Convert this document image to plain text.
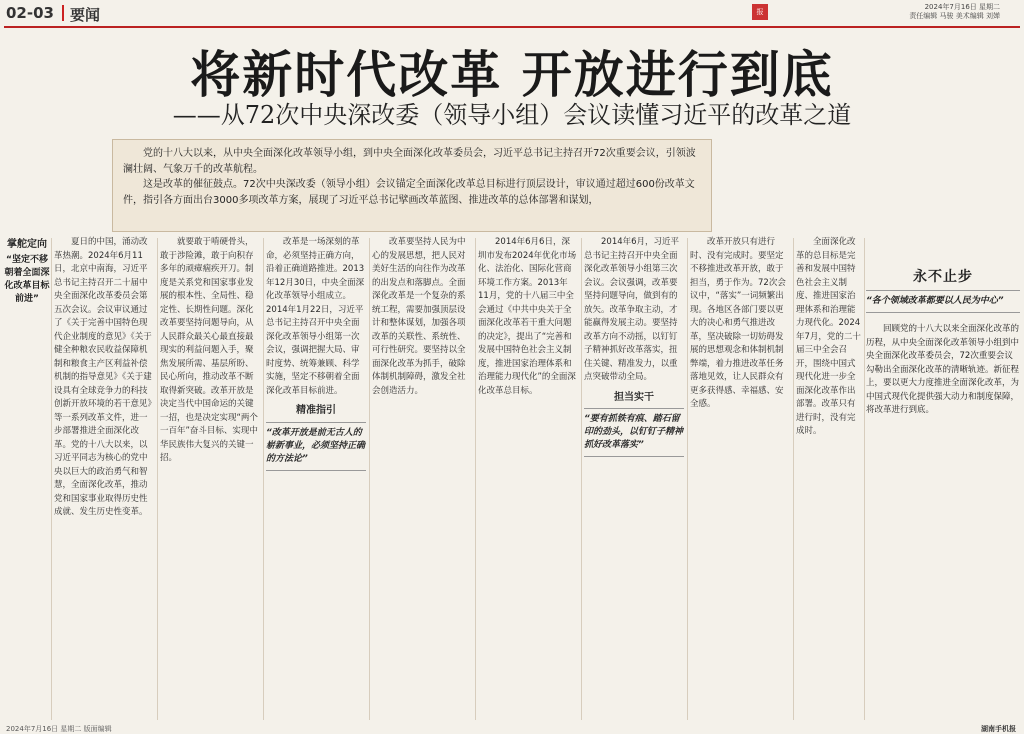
02-03 要闻	报
2024年7月16日 星期二
责任编辑 马骏 美术编辑 刘婵
将新时代改革 开放进行到底
——从72次中央深改委（领导小组）会议读懂习近平的改革之道

党的十八大以来，从中央全面深化改革领导小组，到中央全面深化改革委员会，习近平总书记主持召开72次重要会议，引领波澜壮阔、气象万千的改革航程。

这是改革的催征鼓点。72次中央深改委（领导小组）会议锚定全面深化改革总目标进行顶层设计，审议通过超过600份改革文件，指引各方面出台3000多项改革方案，展现了习近平总书记擘画改革蓝图、推进改革的总体部署和谋划，

掌舵定向
“坚定不移朝着全面深化改革目标前进”

夏日的中国，涌动改革热潮。2024年6月11日，北京中南海，习近平总书记主持召开二十届中央全面深化改革委员会第五次会议。会议审议通过了《关于完善中国特色现代企业制度的意见》《关于健全种粮农民收益保障机制和粮食主产区利益补偿机制的指导意见》《关于建设具有全球竞争力的科技创新开放环境的若干意见》等一系列改革文件，进一步部署推进全面深化改革。党的十八大以来，以习近平同志为核心的党中央以巨大的政治勇气和智慧，全面深化改革，推动党和国家事业取得历史性成就、发生历史性变革。

就要敢于啃硬骨头，敢于涉险滩，敢于向积存多年的顽瘴痼疾开刀。制度是关系党和国家事业发展的根本性、全局性、稳定性、长期性问题。深化改革要坚持问题导向，从人民群众最关心最直接最现实的利益问题入手，聚焦发展所需、基层所盼、民心所向，推动改革不断取得新突破。改革开放是决定当代中国命运的关键一招，也是决定实现“两个一百年”奋斗目标、实现中华民族伟大复兴的关键一招。

改革是一场深刻的革命，必须坚持正确方向，沿着正确道路推进。2013年12月30日，中央全面深化改革领导小组成立。2014年1月22日，习近平总书记主持召开中央全面深化改革领导小组第一次会议，强调把握大局、审时度势、统筹兼顾、科学实施，坚定不移朝着全面深化改革目标前进。

精准指引
“改革开放是前无古人的崭新事业，必须坚持正确的方法论”

改革要坚持人民为中心的发展思想，把人民对美好生活的向往作为改革的出发点和落脚点。全面深化改革是一个复杂的系统工程，需要加强顶层设计和整体谋划，加强各项改革的关联性、系统性、可行性研究。要坚持以全面深化改革为抓手，破除体制机制障碍，激发全社会创造活力。

2014年6月6日，深圳市发布2024年优化市场化、法治化、国际化营商环境工作方案。2013年11月，党的十八届三中全会通过《中共中央关于全面深化改革若干重大问题的决定》，提出了“完善和发展中国特色社会主义制度，推进国家治理体系和治理能力现代化”的全面深化改革总目标。

2014年6月，习近平总书记主持召开中央全面深化改革领导小组第三次会议。会议强调，改革要坚持问题导向，做到有的放矢。改革争取主动，才能赢得发展主动。要坚持改革方向不动摇，以钉钉子精神抓好改革落实，扭住关键、精准发力，以重点突破带动全局。

担当实干
“要有抓铁有痕、踏石留印的劲头，以钉钉子精神抓好改革落实”

改革开放只有进行时、没有完成时。要坚定不移推进改革开放，敢于担当，勇于作为。72次会议中，“落实”一词频繁出现。各地区各部门要以更大的决心和勇气推进改革，坚决破除一切妨碍发展的思想观念和体制机制弊端，着力推进改革任务落地见效，让人民群众有更多获得感、幸福感、安全感。

全面深化改革的总目标是完善和发展中国特色社会主义制度、推进国家治理体系和治理能力现代化。2024年7月，党的二十届三中全会召开，围绕中国式现代化进一步全面深化改革作出部署。改革只有进行时，没有完成时。

永不止步
“各个领域改革都要以人民为中心”

回顾党的十八大以来全面深化改革的历程，从中央全面深化改革领导小组到中央全面深化改革委员会，72次重要会议勾勒出全面深化改革的清晰轨迹。新征程上，要以更大力度推进全面深化改革，为中国式现代化提供强大动力和制度保障，将改革进行到底。

2024年7月16日 星期二 版面编辑	湖南手机报
